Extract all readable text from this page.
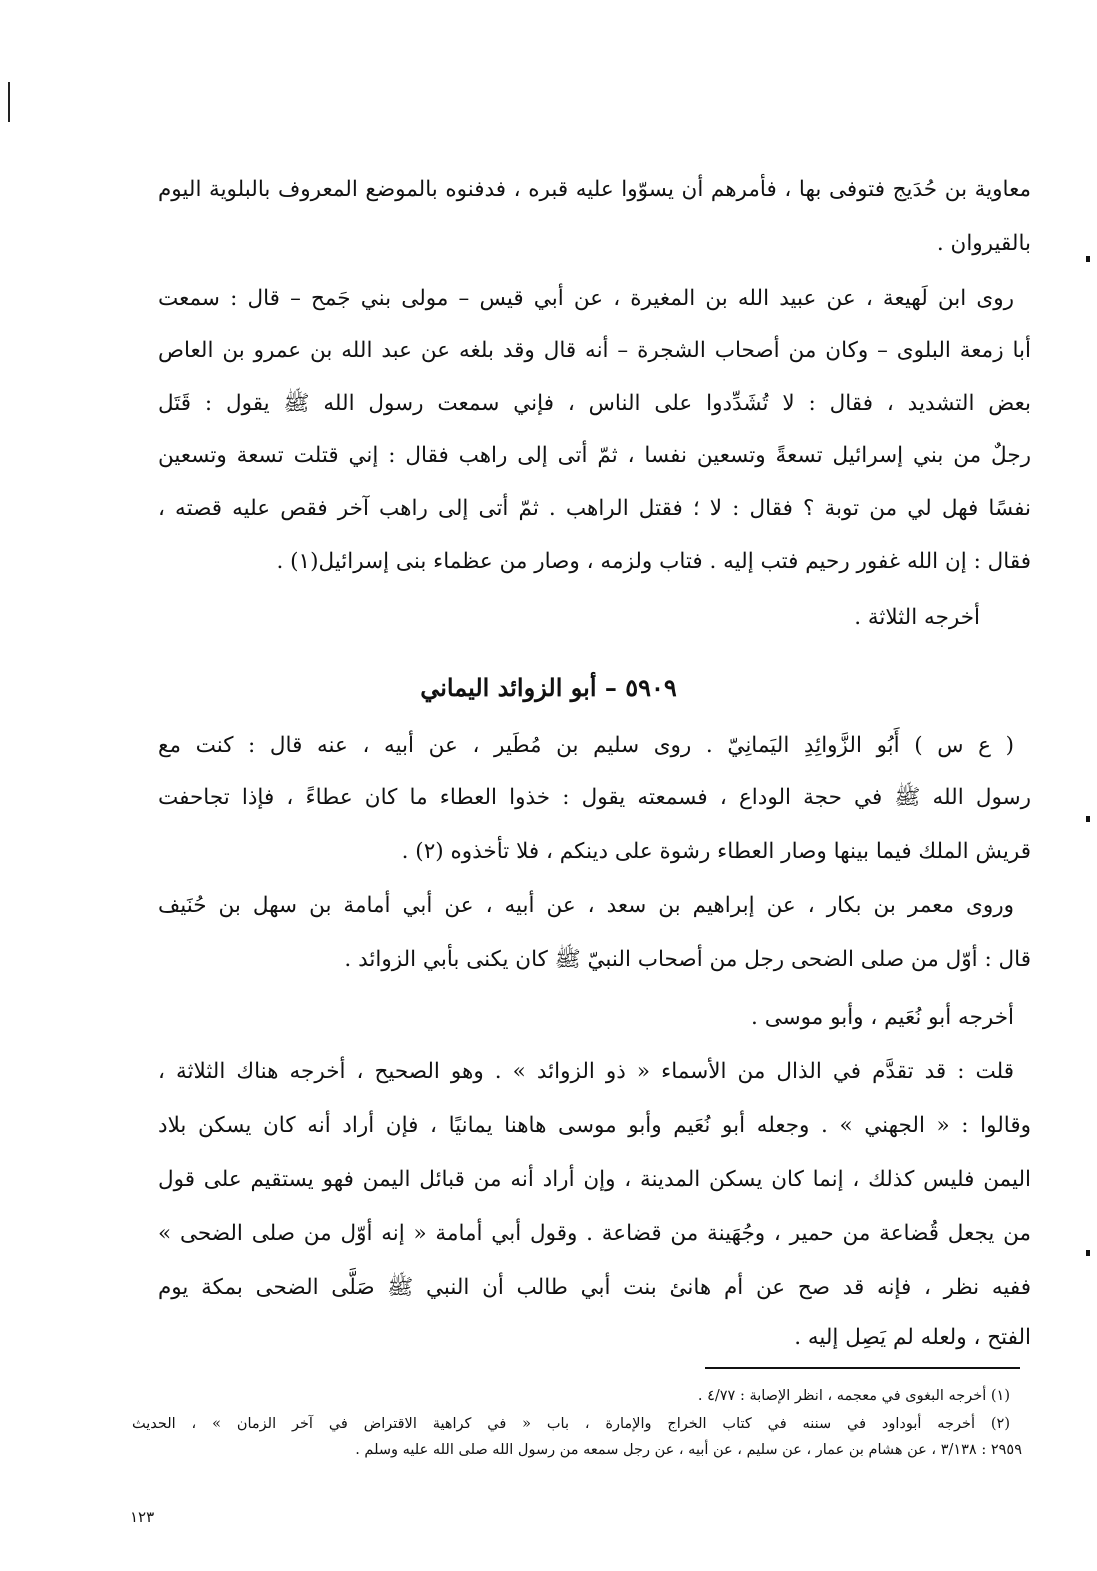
معاوية بن حُدَيج فتوفى بها ، فأمرهم أن يسوّوا عليه قبره ، فدفنوه بالموضع المعروف بالبلوية اليوم
بالقيروان .
روى ابن لَهيعة ، عن عبيد الله بن المغيرة ، عن أبي قيس – مولى بني جَمح – قال : سمعت
أبا زمعة البلوى – وكان من أصحاب الشجرة – أنه قال وقد بلغه عن عبد الله بن عمرو بن العاص
بعض التشديد ، فقال : لا تُشَدِّدوا على الناس ، فإني سمعت رسول الله ﷺ يقول : قَتَل
رجلٌ من بني إسرائيل تسعةً وتسعين نفسا ، ثمّ أتى إلى راهب فقال : إني قتلت تسعة وتسعين
نفسًا فهل لي من توبة ؟ فقال : لا ؛ فقتل الراهب . ثمّ أتى إلى راهب آخر فقص عليه قصته ،
فقال : إن الله غفور رحيم فتب إليه . فتاب ولزمه ، وصار من عظماء بنى إسرائيل(١) .
أخرجه الثلاثة .
٥٩٠٩ – أبو الزوائد اليماني
( ع س ) أَبُو الزَّوائِدِ اليَمانِيّ . روى سليم بن مُطَير ، عن أبيه ، عنه قال : كنت مع
رسول الله ﷺ في حجة الوداع ، فسمعته يقول : خذوا العطاء ما كان عطاءً ، فإذا تجاحفت
قريش الملك فيما بينها وصار العطاء رشوة على دينكم ، فلا تأخذوه (٢) .
وروى معمر بن بكار ، عن إبراهيم بن سعد ، عن أبيه ، عن أبي أمامة بن سهل بن حُنَيف
قال : أوّل من صلى الضحى رجل من أصحاب النبيّ ﷺ كان يكنى بأبي الزوائد .
أخرجه أبو نُعَيم ، وأبو موسى .
قلت : قد تقدَّم في الذال من الأسماء « ذو الزوائد » . وهو الصحيح ، أخرجه هناك الثلاثة ،
وقالوا : « الجهني » . وجعله أبو نُعَيم وأبو موسى هاهنا يمانيًا ، فإن أراد أنه كان يسكن بلاد
اليمن فليس كذلك ، إنما كان يسكن المدينة ، وإن أراد أنه من قبائل اليمن فهو يستقيم على قول
من يجعل قُضاعة من حمير ، وجُهَينة من قضاعة . وقول أبي أمامة « إنه أوّل من صلى الضحى »
ففيه نظر ، فإنه قد صح عن أم هانئ بنت أبي طالب أن النبي ﷺ صَلَّى الضحى بمكة يوم
الفتح ، ولعله لم يَصِل إليه .
(١) أخرجه البغوى في معجمه ، انظر الإصابة : ٤/٧٧ .
(٢) أخرجه أبوداود في سننه في كتاب الخراج والإمارة ، باب « في كراهية الاقتراض في آخر الزمان » ، الحديث
٢٩٥٩ : ٣/١٣٨ ، عن هشام بن عمار ، عن سليم ، عن أبيه ، عن رجل سمعه من رسول الله صلى الله عليه وسلم .
١٢٣
